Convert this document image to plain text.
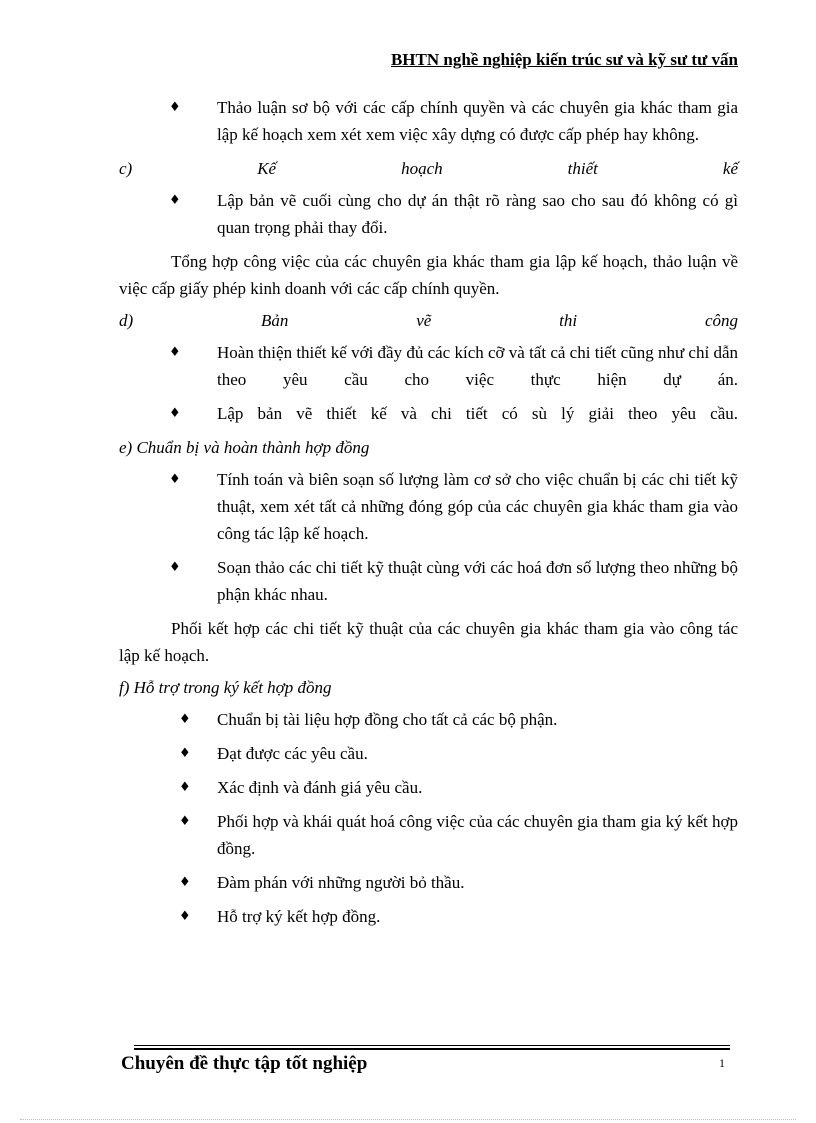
BHTN nghề nghiệp kiến trúc sư và kỹ sư tư vấn
♦ Thảo luận sơ bộ với các cấp chính quyền và các chuyên gia khác tham gia lập kế hoạch xem xét xem việc xây dựng có được cấp phép hay không.
c) Kế hoạch thiết kế
♦ Lập bản vẽ cuối cùng cho dự án thật rõ ràng sao cho sau đó không có gì quan trọng phải thay đổi.
Tổng hợp công việc của các chuyên gia khác tham gia lập kế hoạch, thảo luận về việc cấp giấy phép kinh doanh với các cấp chính quyền.
d) Bản vẽ thi công
♦ Hoàn thiện thiết kế với đầy đủ các kích cỡ và tất cả chi tiết cũng như chỉ dẫn theo yêu cầu cho việc thực hiện dự án.
♦ Lập bản vẽ thiết kế và chi tiết có sù lý giải theo yêu cầu.
e) Chuẩn bị và hoàn thành hợp đồng
♦ Tính toán và biên soạn số lượng làm cơ sở cho việc chuẩn bị các chi tiết kỹ thuật, xem xét tất cả những đóng góp của các chuyên gia khác tham gia vào công tác lập kế hoạch.
♦ Soạn thảo các chi tiết kỹ thuật cùng với các hoá đơn số lượng theo những bộ phận khác nhau.
Phối kết hợp các chi tiết kỹ thuật của các chuyên gia khác tham gia vào công tác lập kế hoạch.
f) Hỗ trợ trong ký kết hợp đồng
♦ Chuẩn bị tài liệu hợp đồng cho tất cả các bộ phận.
♦ Đạt được các yêu cầu.
♦ Xác định và đánh giá yêu cầu.
♦ Phối hợp và khái quát hoá công việc của các chuyên gia tham gia ký kết hợp đồng.
♦ Đàm phán với những người bỏ thầu.
♦ Hỗ trợ ký kết hợp đồng.
Chuyên đề thực tập tốt nghiệp	1
